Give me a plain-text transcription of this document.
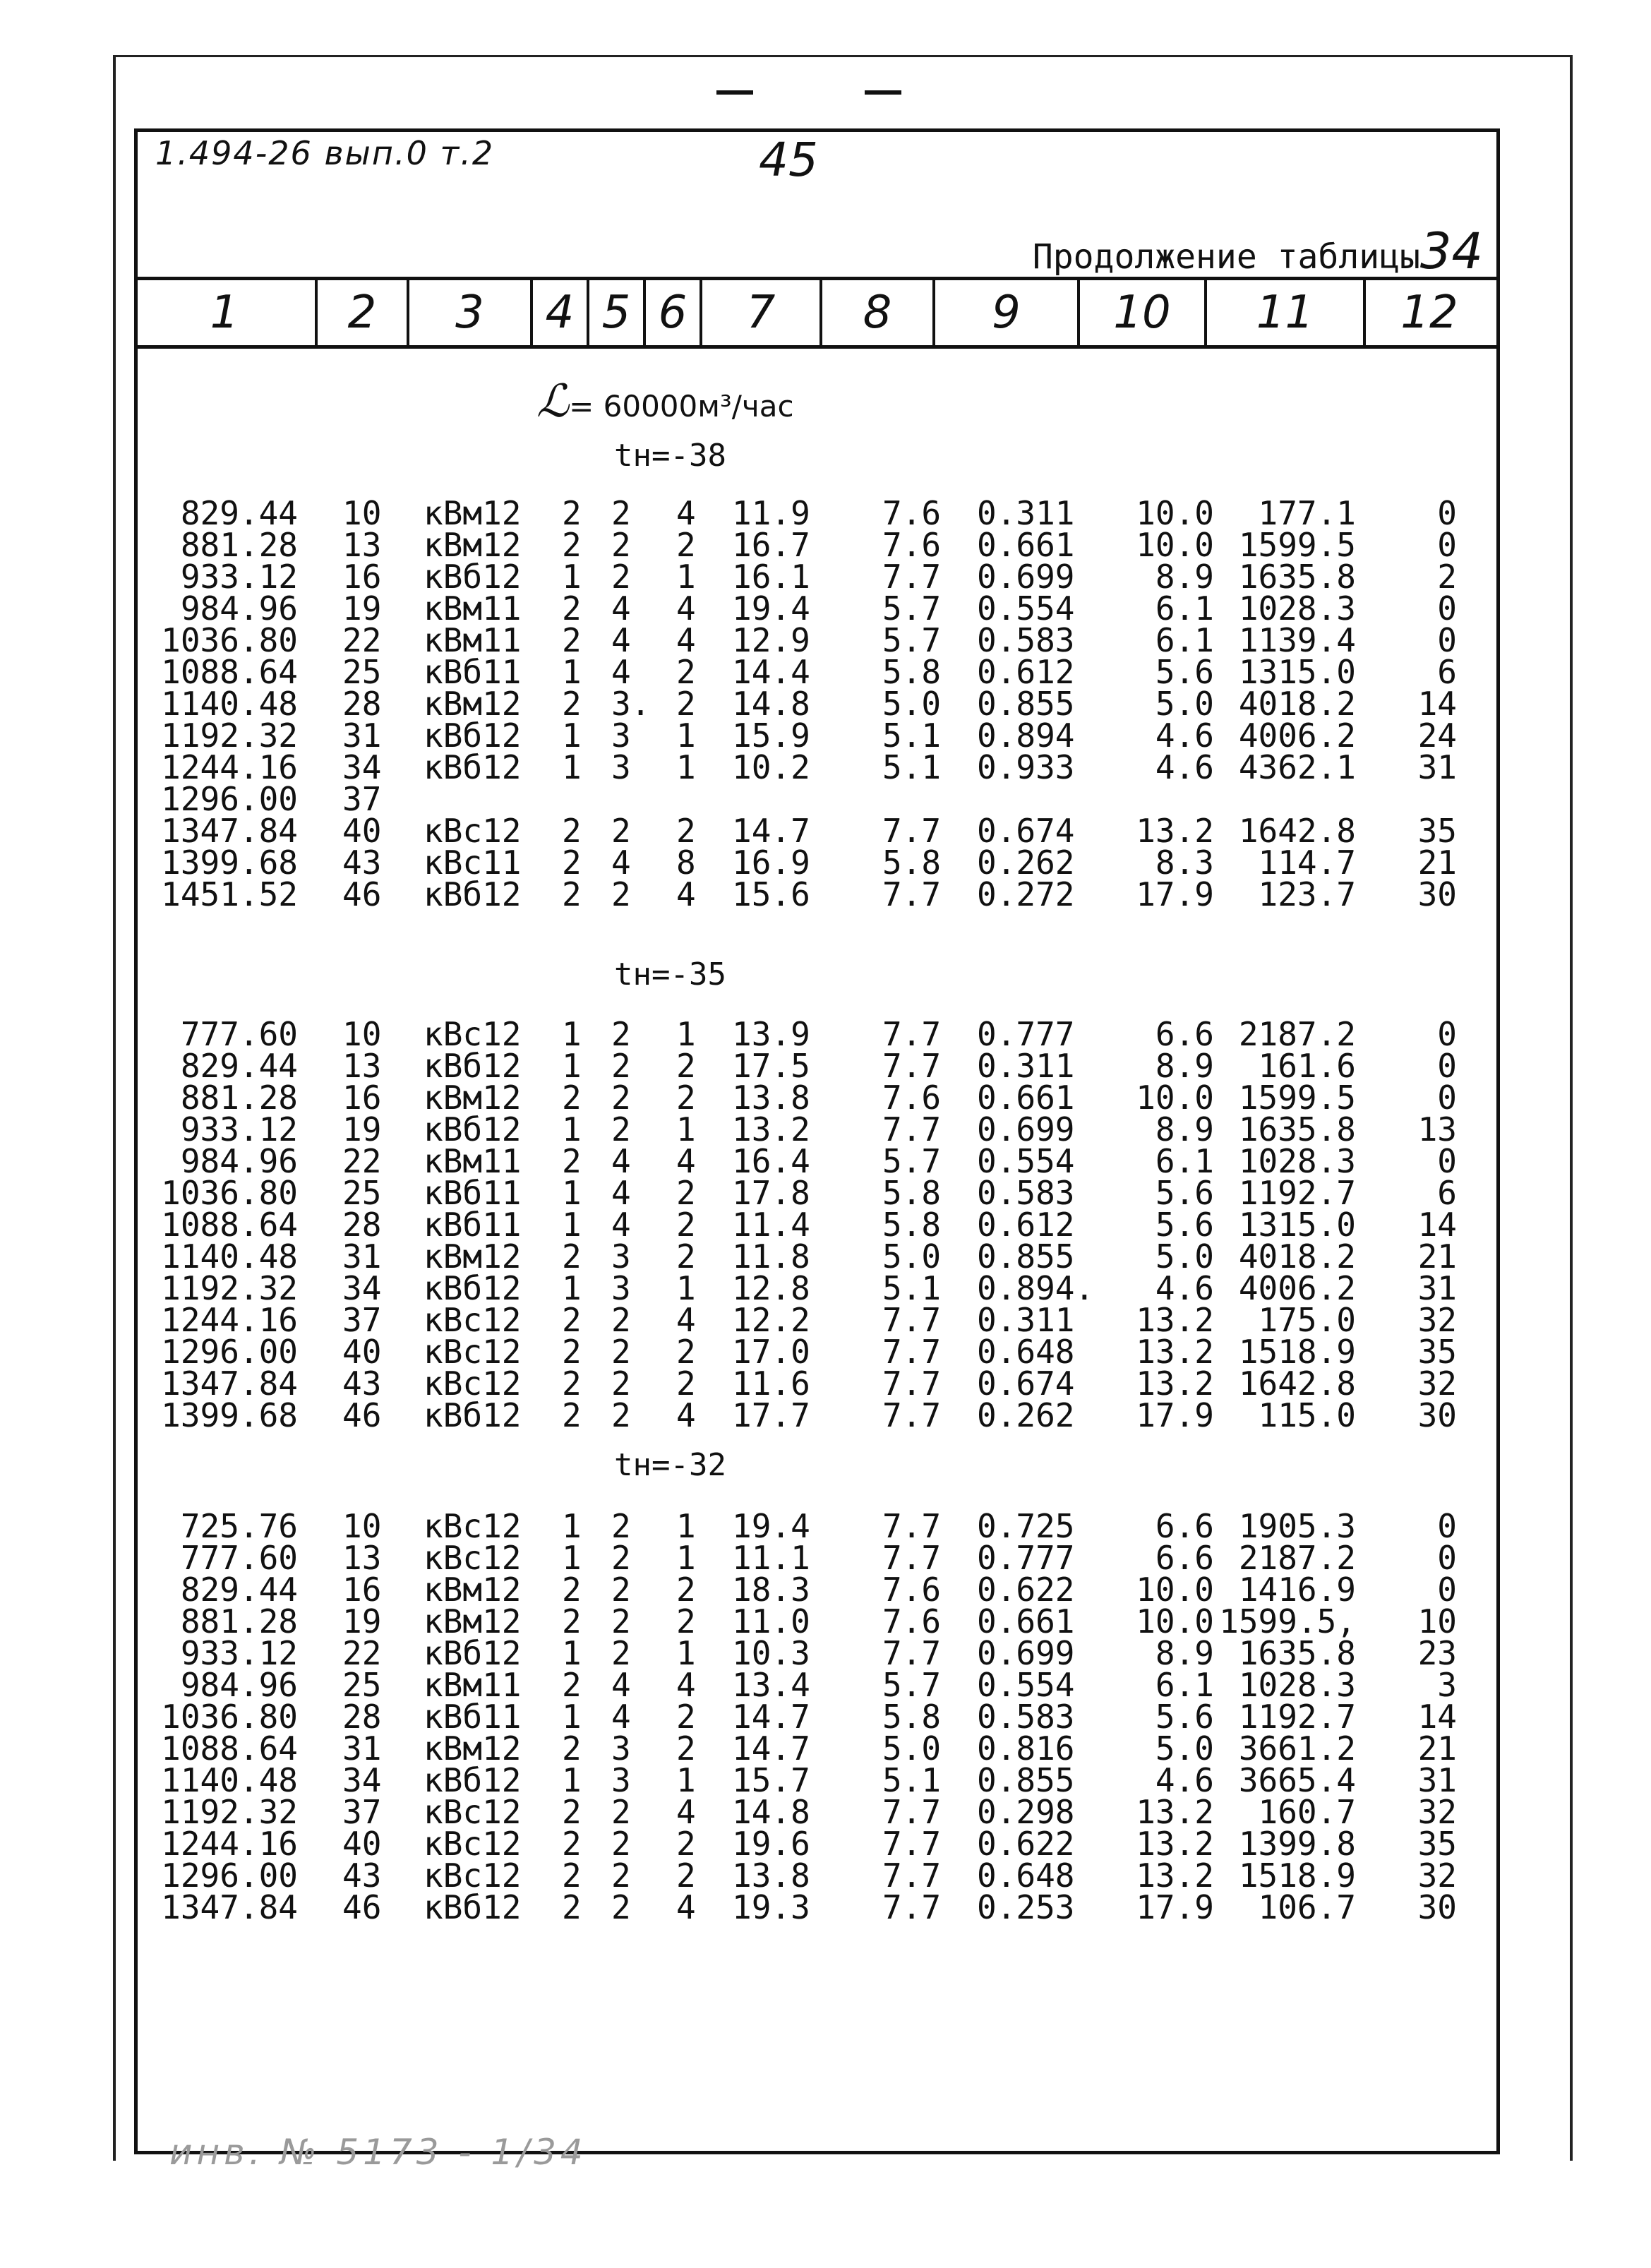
1.494-26 вып.0 т.2	45
Продолжение таблицы34
1	2	3	4 5 6	7	8	9	10	11	12
ℒ= 60000м³/час
tн=-38
829.44 10 кВм12 2 2 4 11.9 7.6 0.311 10.0 177.1	0
881.28 13 кВм12 2 2 2 16.7 7.6 0.661 10.0 1599.5	0
933.12 16 кВб12 1 2 1 16.1 7.7 0.699 8.9 1635.8	2
984.96 19 кВм11 2 4 4 19.4 5.7 0.554 6.1 1028.3	0
1036.80 22 кВм11 2 4 4 12.9 5.7 0.583 6.1 1139.4	0
1088.64 25 кВб11 1 4 2 14.4 5.8 0.612 5.6 1315.0	6
1140.48 28 кВм12 2 3. 2 14.8 5.0 0.855 5.0 4018.2 14
1192.32 31 кВб12 1 3 1 15.9 5.1 0.894 4.6 4006.2 24
1244.16 34 кВб12 1 3 1 10.2 5.1 0.933 4.6 4362.1 31
1296.00 37
1347.84 40 кВс12 2 2 2 14.7 7.7 0.674 13.2 1642.8 35
1399.68 43 кВс11 2 4 8 16.9 5.8 0.262 8.3 114.7 21
1451.52 46 кВб12 2 2 4 15.6 7.7 0.272 17.9 123.7 30
tн=-35
777.60 10 кВс12 1 2 1 13.9 7.7 0.777 6.6 2187.2	0
829.44 13 кВб12 1 2 2 17.5 7.7 0.311 8.9 161.6	0
881.28 16 кВм12 2 2 2 13.8 7.6 0.661 10.0 1599.5	0
933.12 19 кВб12 1 2 1 13.2 7.7 0.699 8.9 1635.8 13
984.96 22 кВм11 2 4 4 16.4 5.7 0.554 6.1 1028.3	0
1036.80 25 кВб11 1 4 2 17.8 5.8 0.583 5.6 1192.7	6
1088.64 28 кВб11 1 4 2 11.4 5.8 0.612 5.6 1315.0 14
1140.48 31 кВм12 2 3 2 11.8 5.0 0.855 5.0 4018.2 21
1192.32 34 кВб12 1 3 1 12.8 5.1 0.894. 4.6 4006.2 31
1244.16 37 кВс12 2 2 4 12.2 7.7 0.311 13.2 175.0 32
1296.00 40 кВс12 2 2 2 17.0 7.7 0.648 13.2 1518.9 35
1347.84 43 кВс12 2 2 2 11.6 7.7 0.674 13.2 1642.8 32
1399.68 46 кВб12 2 2 4 17.7 7.7 0.262 17.9 115.0 30
tн=-32
725.76 10 кВс12 1 2 1 19.4 7.7 0.725 6.6 1905.3	0
777.60 13 кВс12 1 2 1 11.1 7.7 0.777 6.6 2187.2	0
829.44 16 кВм12 2 2 2 18.3 7.6 0.622 10.0 1416.9	0
881.28 19 кВм12 2 2 2 11.0 7.6 0.661 10.0 1599.5, 10
933.12 22 кВб12 1 2 1 10.3 7.7 0.699 8.9 1635.8 23
984.96 25 кВм11 2 4 4 13.4 5.7 0.554 6.1 1028.3	3
1036.80 28 кВб11 1 4 2 14.7 5.8 0.583 5.6 1192.7 14
1088.64 31 кВм12 2 3 2 14.7 5.0 0.816 5.0 3661.2 21
1140.48 34 кВб12 1 3 1 15.7 5.1 0.855 4.6 3665.4 31
1192.32 37 кВс12 2 2 4 14.8 7.7 0.298 13.2 160.7 32
1244.16 40 кВс12 2 2 2 19.6 7.7 0.622 13.2 1399.8 35
1296.00 43 кВс12 2 2 2 13.8 7.7 0.648 13.2 1518.9 32
1347.84 46 кВб12 2 2 4 19.3 7.7 0.253 17.9 106.7 30
инв. № 5173 - 1/34
